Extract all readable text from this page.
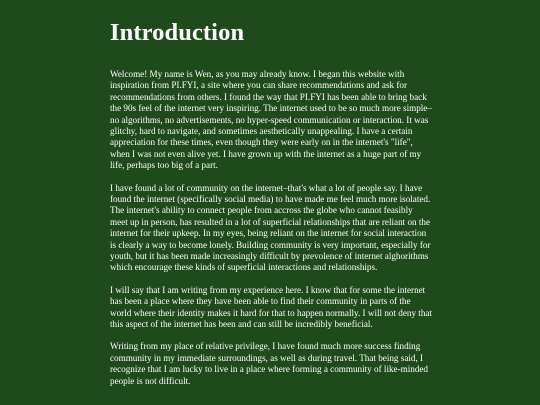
Introduction

Welcome! My name is Wen, as you may already know. I began this website with inspiration from PI.FYI, a site where you can share recommendations and ask for recommendations from others. I found the way that PI.FYI has been able to bring back the 90s feel of the internet very inspiring. The internet used to be so much more simple–no algorithms, no advertisements, no hyper-speed communication or interaction. It was glitchy, hard to navigate, and sometimes aesthetically unappealing. I have a certain appreciation for these times, even though they were early on in the internet's "life", when I was not even alive yet. I have grown up with the internet as a huge part of my life, perhaps too big of a part.

I have found a lot of community on the internet–that's what a lot of people say. I have found the internet (specifically social media) to have made me feel much more isolated. The internet's ability to connect people from accross the globe who cannot feasibly meet up in person, has resulted in a lot of superficial relationships that are reliant on the internet for their upkeep. In my eyes, being reliant on the internet for social interaction is clearly a way to become lonely. Building community is very important, especially for youth, but it has been made increasingly difficult by prevolence of internet alghorithms which encourage these kinds of superficial interactions and relationships.

I will say that I am writing from my experience here. I know that for some the internet has been a place where they have been able to find their community in parts of the world where their identity makes it hard for that to happen normally. I will not deny that this aspect of the internet has been and can still be incredibly beneficial.

Writing from my place of relative privilege, I have found much more success finding community in my immediate surroundings, as well as during travel. That being said, I recognize that I am lucky to live in a place where forming a community of like-minded people is not difficult.
